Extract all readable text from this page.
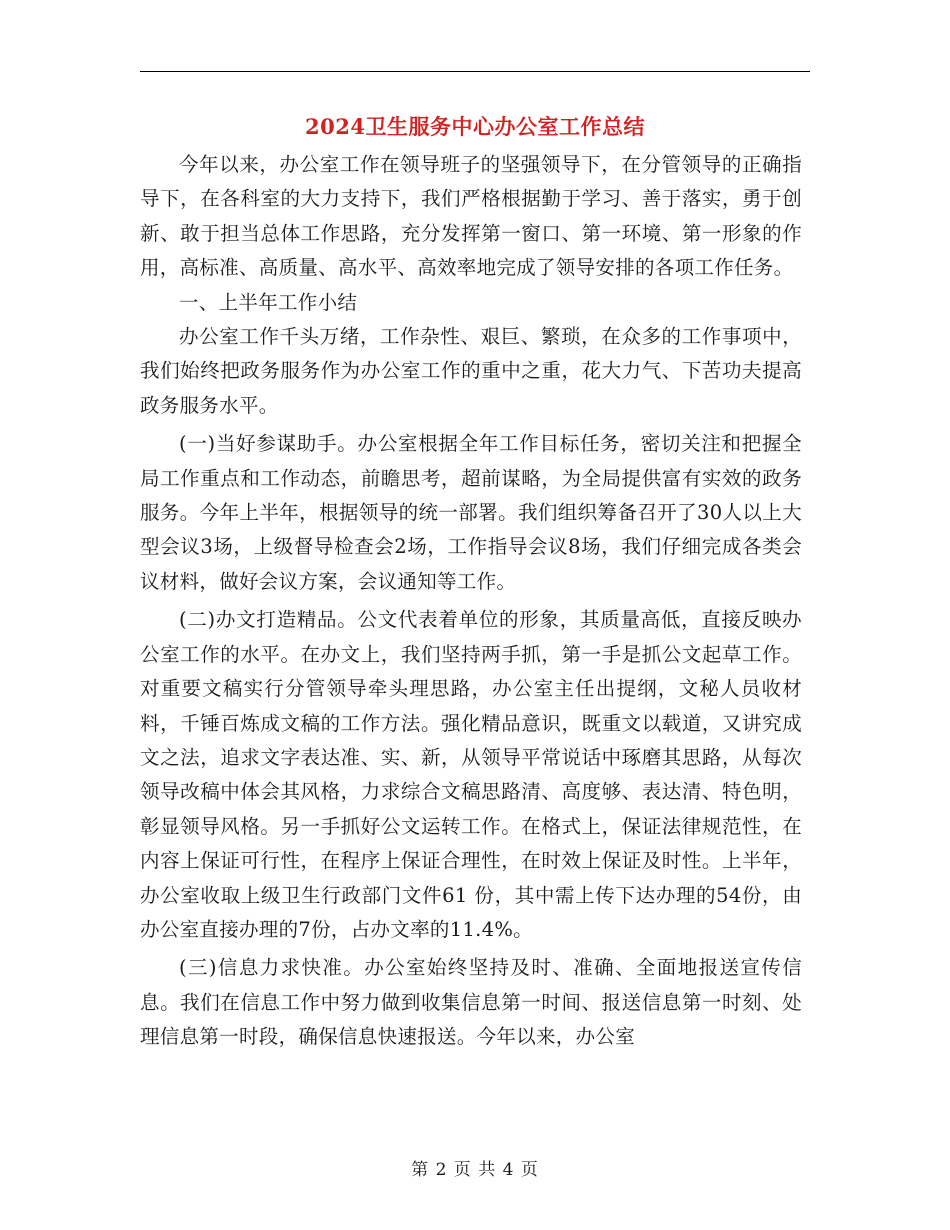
2024卫生服务中心办公室工作总结

今年以来，办公室工作在领导班子的坚强领导下，在分管领导的正确指导下，在各科室的大力支持下，我们严格根据勤于学习、善于落实，勇于创新、敢于担当总体工作思路，充分发挥第一窗口、第一环境、第一形象的作用，高标准、高质量、高水平、高效率地完成了领导安排的各项工作任务。

一、上半年工作小结

办公室工作千头万绪，工作杂性、艰巨、繁琐，在众多的工作事项中，我们始终把政务服务作为办公室工作的重中之重，花大力气、下苦功夫提高政务服务水平。

(一)当好参谋助手。办公室根据全年工作目标任务，密切关注和把握全局工作重点和工作动态，前瞻思考，超前谋略，为全局提供富有实效的政务服务。今年上半年，根据领导的统一部署。我们组织筹备召开了30人以上大型会议3场，上级督导检查会2场，工作指导会议8场，我们仔细完成各类会议材料，做好会议方案，会议通知等工作。

(二)办文打造精品。公文代表着单位的形象，其质量高低，直接反映办公室工作的水平。在办文上，我们坚持两手抓，第一手是抓公文起草工作。对重要文稿实行分管领导牵头理思路，办公室主任出提纲，文秘人员收材料，千锤百炼成文稿的工作方法。强化精品意识，既重文以载道，又讲究成文之法，追求文字表达准、实、新，从领导平常说话中琢磨其思路，从每次领导改稿中体会其风格，力求综合文稿思路清、高度够、表达清、特色明，彰显领导风格。另一手抓好公文运转工作。在格式上，保证法律规范性，在内容上保证可行性，在程序上保证合理性，在时效上保证及时性。上半年，办公室收取上级卫生行政部门文件61 份，其中需上传下达办理的54份，由办公室直接办理的7份，占办文率的11.4%。

(三)信息力求快准。办公室始终坚持及时、准确、全面地报送宣传信息。我们在信息工作中努力做到收集信息第一时间、报送信息第一时刻、处理信息第一时段，确保信息快速报送。今年以来，办公室

第 2 页 共 4 页
